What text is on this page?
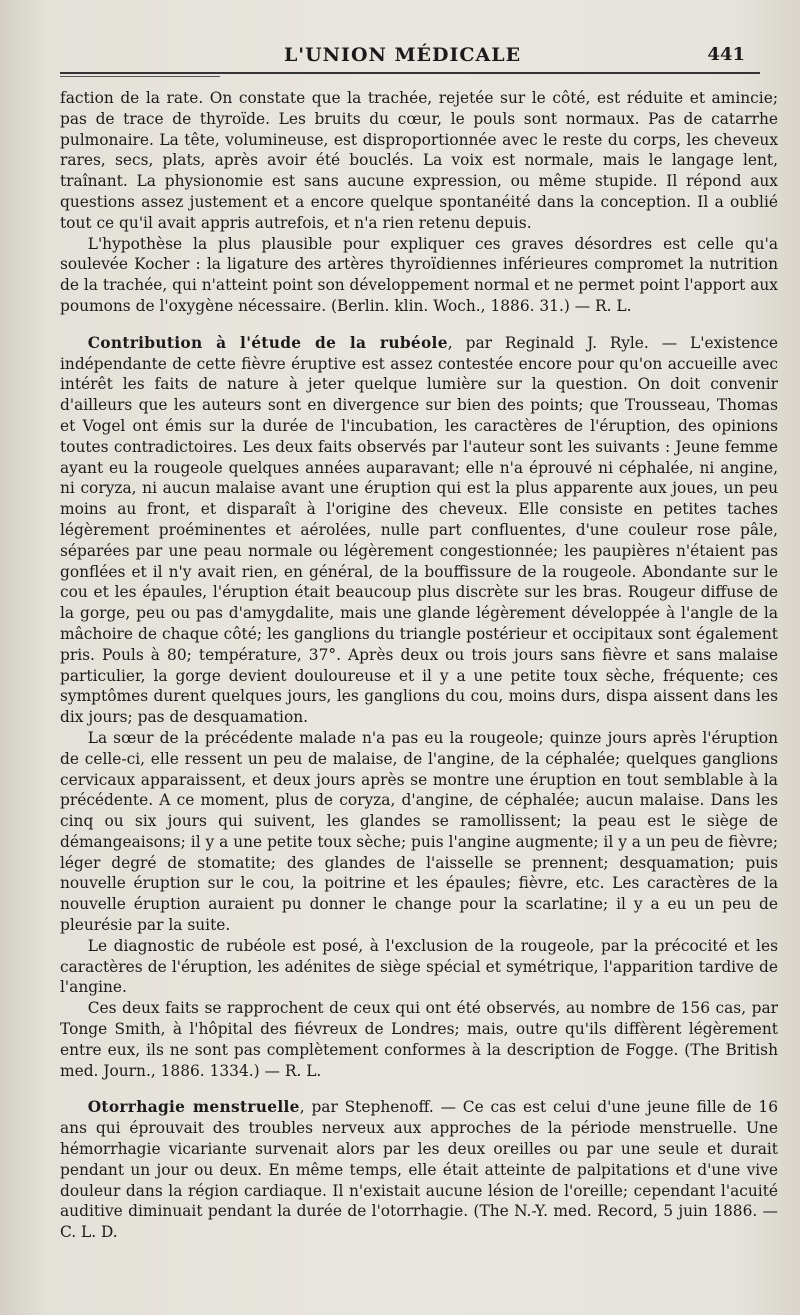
L'UNION MÉDICALE	441

faction de la rate. On constate que la trachée, rejetée sur le côté, est réduite et amincie; pas de trace de thyroïde. Les bruits du cœur, le pouls sont normaux. Pas de catarrhe pulmonaire. La tête, volumineuse, est disproportionnée avec le reste du corps, les cheveux rares, secs, plats, après avoir été bouclés. La voix est normale, mais le langage lent, traînant. La physionomie est sans aucune expression, ou même stupide. Il répond aux questions assez justement et a encore quelque spontanéité dans la conception. Il a oublié tout ce qu'il avait appris autrefois, et n'a rien retenu depuis.

L'hypothèse la plus plausible pour expliquer ces graves désordres est celle qu'a soulevée Kocher : la ligature des artères thyroïdiennes inférieures compromet la nutrition de la trachée, qui n'atteint point son développement normal et ne permet point l'apport aux poumons de l'oxygène nécessaire. (Berlin. klin. Woch., 1886. 31.) — R. L.

Contribution à l'étude de la rubéole, par Reginald J. Ryle. — L'existence indépendante de cette fièvre éruptive est assez contestée encore pour qu'on accueille avec intérêt les faits de nature à jeter quelque lumière sur la question. On doit convenir d'ailleurs que les auteurs sont en divergence sur bien des points; que Trousseau, Thomas et Vogel ont émis sur la durée de l'incubation, les caractères de l'éruption, des opinions toutes contradictoires. Les deux faits observés par l'auteur sont les suivants : Jeune femme ayant eu la rougeole quelques années auparavant; elle n'a éprouvé ni céphalée, ni angine, ni coryza, ni aucun malaise avant une éruption qui est la plus apparente aux joues, un peu moins au front, et disparaît à l'origine des cheveux. Elle consiste en petites taches légèrement proéminentes et aérolées, nulle part confluentes, d'une couleur rose pâle, séparées par une peau normale ou légèrement congestionnée; les paupières n'étaient pas gonflées et il n'y avait rien, en général, de la bouffissure de la rougeole. Abondante sur le cou et les épaules, l'éruption était beaucoup plus discrète sur les bras. Rougeur diffuse de la gorge, peu ou pas d'amygdalite, mais une glande légèrement développée à l'angle de la mâchoire de chaque côté; les ganglions du triangle postérieur et occipitaux sont également pris. Pouls à 80; température, 37°. Après deux ou trois jours sans fièvre et sans malaise particulier, la gorge devient douloureuse et il y a une petite toux sèche, fréquente; ces symptômes durent quelques jours, les ganglions du cou, moins durs, dispa aissent dans les dix jours; pas de desquamation.

La sœur de la précédente malade n'a pas eu la rougeole; quinze jours après l'éruption de celle-ci, elle ressent un peu de malaise, de l'angine, de la céphalée; quelques ganglions cervicaux apparaissent, et deux jours après se montre une éruption en tout semblable à la précédente. A ce moment, plus de coryza, d'angine, de céphalée; aucun malaise. Dans les cinq ou six jours qui suivent, les glandes se ramollissent; la peau est le siège de démangeaisons; il y a une petite toux sèche; puis l'angine augmente; il y a un peu de fièvre; léger degré de stomatite; des glandes de l'aisselle se prennent; desquamation; puis nouvelle éruption sur le cou, la poitrine et les épaules; fièvre, etc. Les caractères de la nouvelle éruption auraient pu donner le change pour la scarlatine; il y a eu un peu de pleurésie par la suite.

Le diagnostic de rubéole est posé, à l'exclusion de la rougeole, par la précocité et les caractères de l'éruption, les adénites de siège spécial et symétrique, l'apparition tardive de l'angine.

Ces deux faits se rapprochent de ceux qui ont été observés, au nombre de 156 cas, par Tonge Smith, à l'hôpital des fiévreux de Londres; mais, outre qu'ils diffèrent légèrement entre eux, ils ne sont pas complètement conformes à la description de Fogge. (The British med. Journ., 1886. 1334.) — R. L.

Otorrhagie menstruelle, par Stephenoff. — Ce cas est celui d'une jeune fille de 16 ans qui éprouvait des troubles nerveux aux approches de la période menstruelle. Une hémorrhagie vicariante survenait alors par les deux oreilles ou par une seule et durait pendant un jour ou deux. En même temps, elle était atteinte de palpitations et d'une vive douleur dans la région cardiaque. Il n'existait aucune lésion de l'oreille; cependant l'acuité auditive diminuait pendant la durée de l'otorrhagie. (The N.-Y. med. Record, 5 juin 1886. — C. L. D.
